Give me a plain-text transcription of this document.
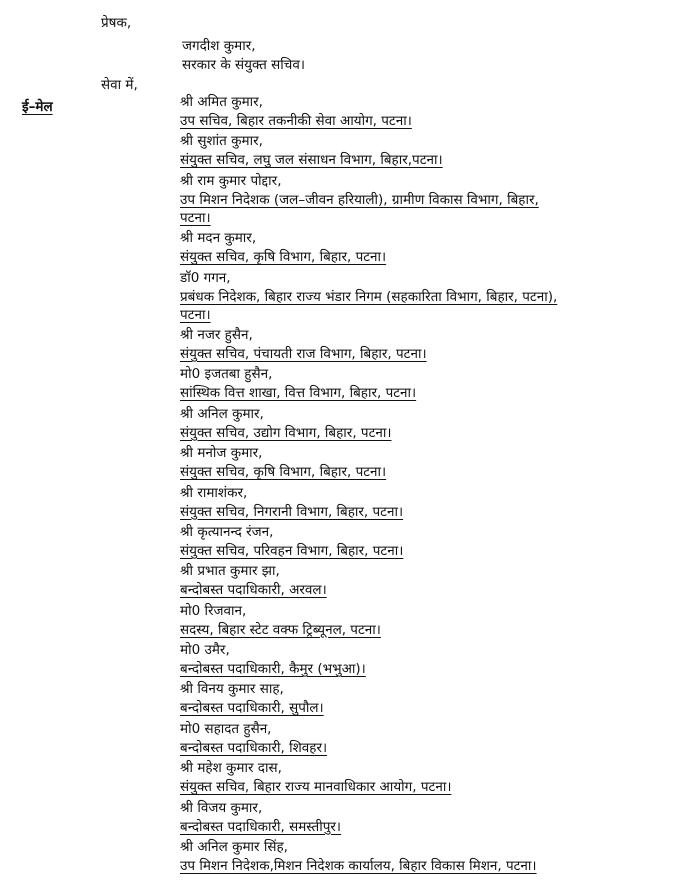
प्रेषक,
जगदीश कुमार,
सरकार के संयुक्त सचिव।
सेवा में,
ई–मेल	श्री अमित कुमार,
उप सचिव, बिहार तकनीकी सेवा आयोग, पटना।
श्री सुशांत कुमार,
संयुक्त सचिव, लघु जल संसाधन विभाग, बिहार,पटना।
श्री राम कुमार पोद्दार,
उप मिशन निदेशक (जल–जीवन हरियाली), ग्रामीण विकास विभाग, बिहार,
पटना।
श्री मदन कुमार,
संयुक्त सचिव, कृषि विभाग, बिहार, पटना।
डॉ0 गगन,
प्रबंधक निदेशक, बिहार राज्य भंडार निगम (सहकारिता विभाग, बिहार, पटना),
पटना।
श्री नजर हुसैन,
संयुक्त सचिव, पंचायती राज विभाग, बिहार, पटना।
मो0 इजतबा हुसैन,
सांस्थिक वित्त शाखा, वित्त विभाग, बिहार, पटना।
श्री अनिल कुमार,
संयुक्त सचिव, उद्योग विभाग, बिहार, पटना।
श्री मनोज कुमार,
संयुक्त सचिव, कृषि विभाग, बिहार, पटना।
श्री रामाशंकर,
संयुक्त सचिव, निगरानी विभाग, बिहार, पटना।
श्री कृत्यानन्द रंजन,
संयुक्त सचिव, परिवहन विभाग, बिहार, पटना।
श्री प्रभात कुमार झा,
बन्दोबस्त पदाधिकारी, अरवल।
मो0 रिजवान,
सदस्य, बिहार स्टेट वक्फ ट्रिब्यूनल, पटना।
मो0 उमैर,
बन्दोबस्त पदाधिकारी, कैमुर (भभुआ)।
श्री विनय कुमार साह,
बन्दोबस्त पदाधिकारी, सुपौल।
मो0 सहादत हुसैन,
बन्दोबस्त पदाधिकारी, शिवहर।
श्री महेश कुमार दास,
संयुक्त सचिव, बिहार राज्य मानवाधिकार आयोग, पटना।
श्री विजय कुमार,
बन्दोबस्त पदाधिकारी, समस्तीपुर।
श्री अनिल कुमार सिंह,
उप मिशन निदेशक,मिशन निदेशक कार्यालय, बिहार विकास मिशन, पटना।
